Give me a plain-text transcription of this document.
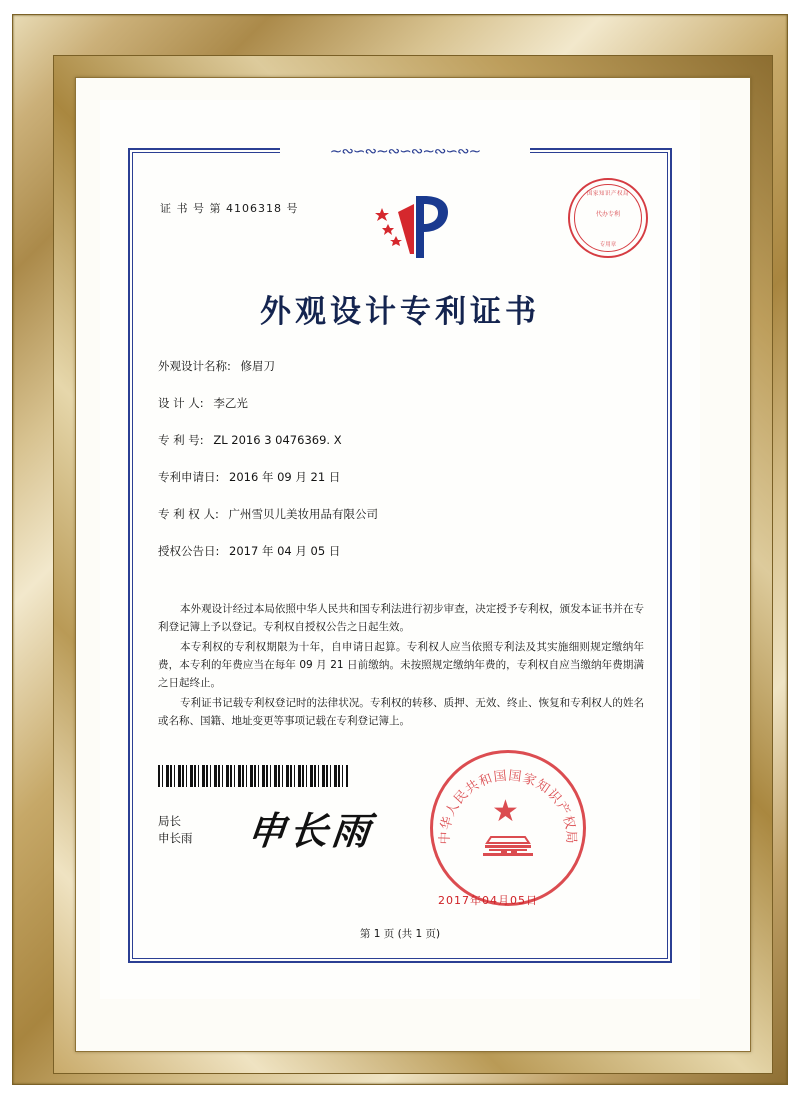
∼∾∽∾∼∾∽∾∼∾∽∾∼
证 书 号 第 4106318 号
国家知识产权局
代办专利
专用章
外观设计专利证书
外观设计名称: 修眉刀
设 计 人: 李乙光
专 利 号: ZL 2016 3 0476369. X
专利申请日: 2016 年 09 月 21 日
专 利 权 人: 广州雪贝儿美妆用品有限公司
授权公告日: 2017 年 04 月 05 日

本外观设计经过本局依照中华人民共和国专利法进行初步审查，决定授予专利权，颁发本证书并在专利登记簿上予以登记。专利权自授权公告之日起生效。

本专利权的专利权期限为十年，自申请日起算。专利权人应当依照专利法及其实施细则规定缴纳年费，本专利的年费应当在每年 09 月 21 日前缴纳。未按照规定缴纳年费的，专利权自应当缴纳年费期满之日起终止。

专利证书记载专利权登记时的法律状况。专利权的转移、质押、无效、终止、恢复和专利权人的姓名或名称、国籍、地址变更等事项记载在专利登记簿上。

局长
申长雨 申长雨	中华人民共和国国家知识产权局
★
2017年04月05日
第 1 页 (共 1 页)
